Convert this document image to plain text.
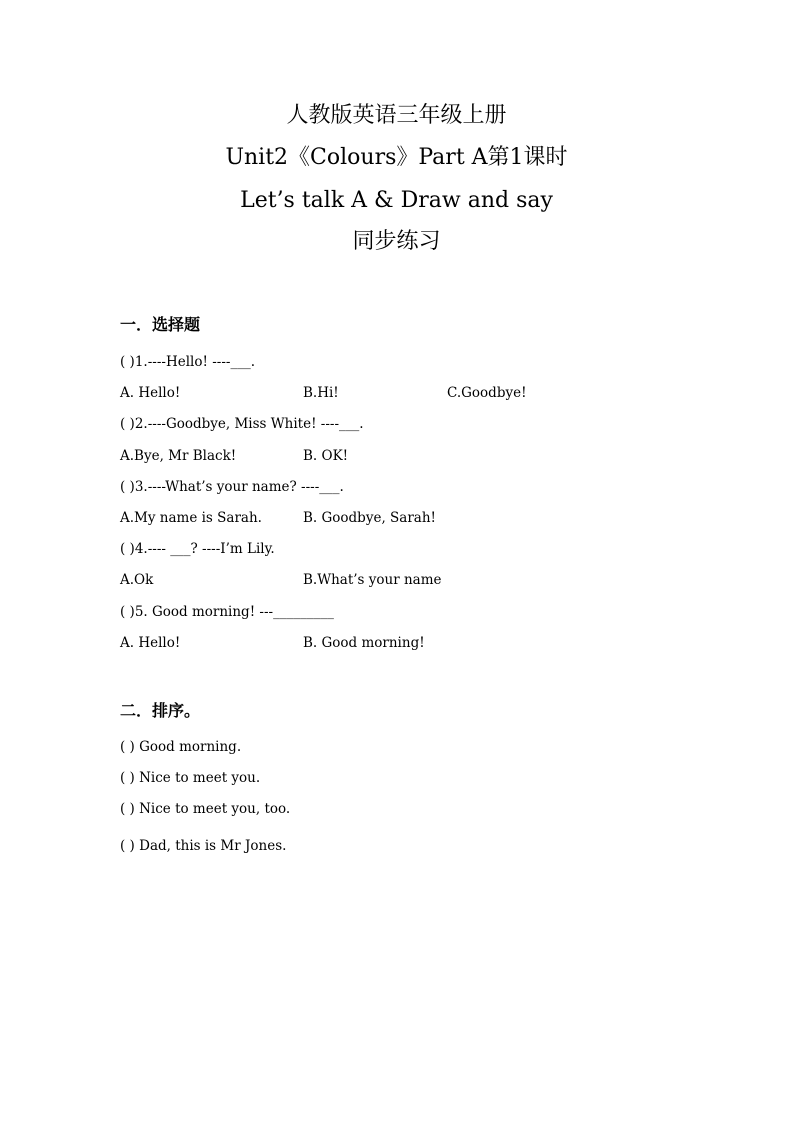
人教版英语三年级上册
Unit2《Colours》Part A第1课时
Let’s talk A & Draw and say
同步练习
一．选择题
( )1.----Hello! ----___.
A. Hello!	B.Hi!	C.Goodbye!
( )2.----Goodbye, Miss White! ----___.
A.Bye, Mr Black!	B. OK!
( )3.----What’s your name? ----___.
A.My name is Sarah.	B. Goodbye, Sarah!
( )4.---- ___? ----I’m Lily.
A.Ok	B.What’s your name
( )5. Good morning! ---_________
A. Hello!	B. Good morning!
二．排序。
( ) Good morning.
( ) Nice to meet you.
( ) Nice to meet you, too.
( ) Dad, this is Mr Jones.
